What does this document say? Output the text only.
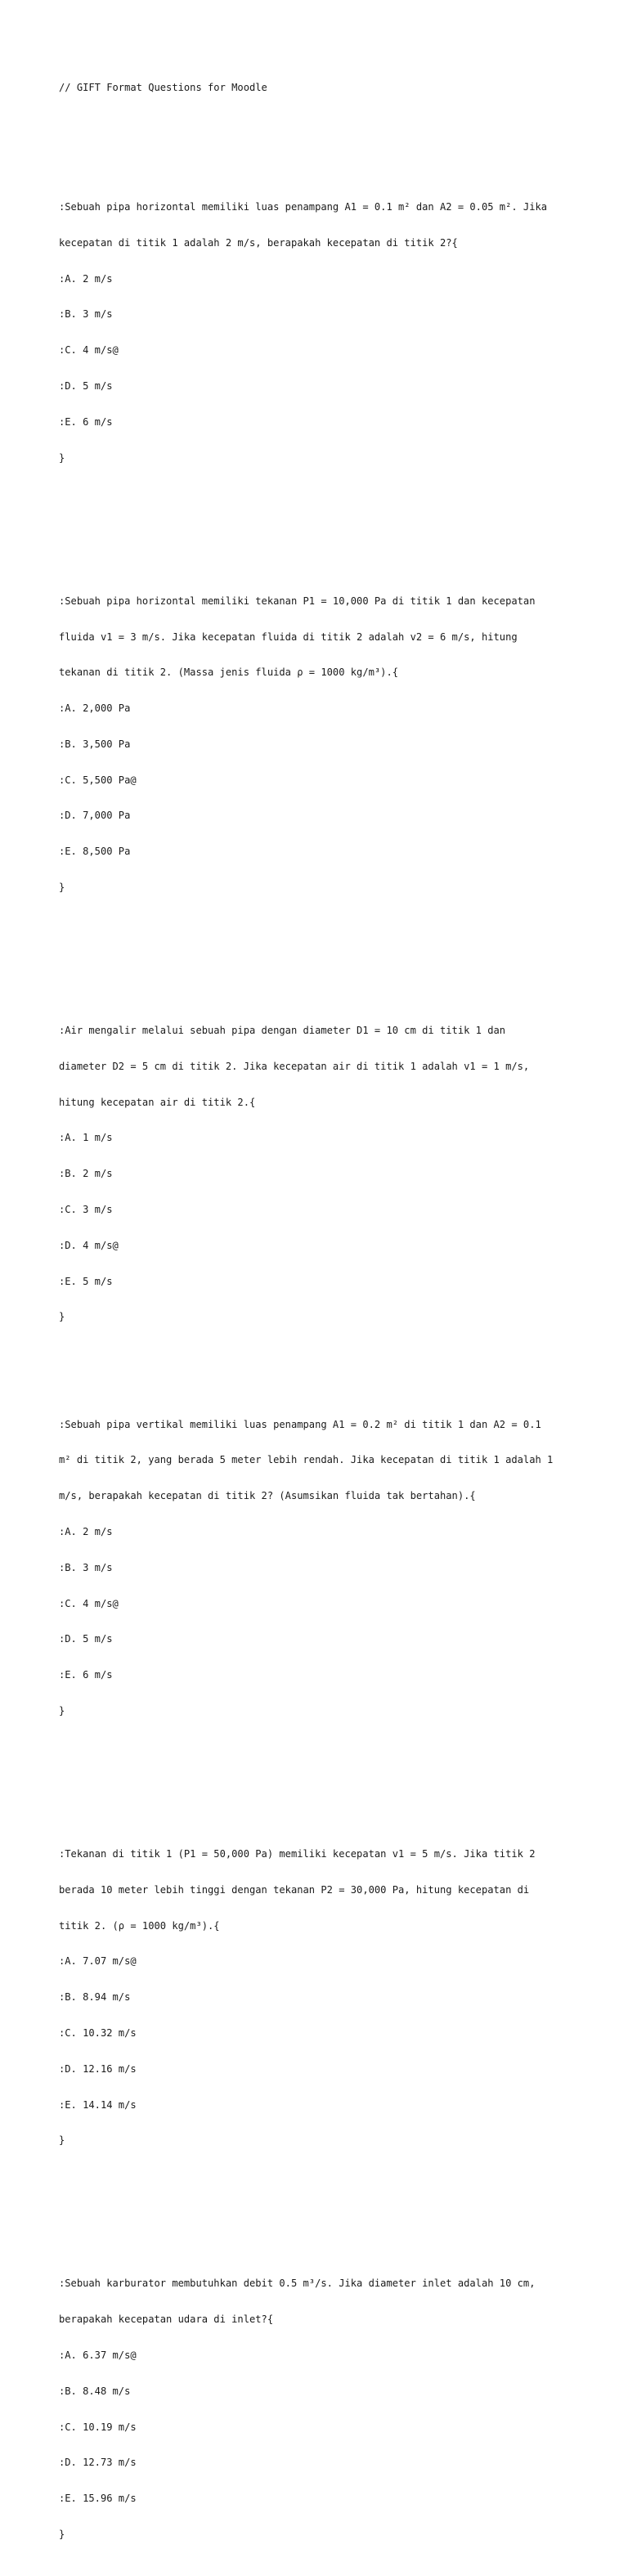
// GIFT Format Questions for Moodle

:Sebuah pipa horizontal memiliki luas penampang A1 = 0.1 m² dan A2 = 0.05 m². Jika

kecepatan di titik 1 adalah 2 m/s, berapakah kecepatan di titik 2?{

:A. 2 m/s

:B. 3 m/s

:C. 4 m/s@

:D. 5 m/s

:E. 6 m/s

}

:Sebuah pipa horizontal memiliki tekanan P1 = 10,000 Pa di titik 1 dan kecepatan

fluida v1 = 3 m/s. Jika kecepatan fluida di titik 2 adalah v2 = 6 m/s, hitung

tekanan di titik 2. (Massa jenis fluida ρ = 1000 kg/m³).{

:A. 2,000 Pa

:B. 3,500 Pa

:C. 5,500 Pa@

:D. 7,000 Pa

:E. 8,500 Pa

}

:Air mengalir melalui sebuah pipa dengan diameter D1 = 10 cm di titik 1 dan

diameter D2 = 5 cm di titik 2. Jika kecepatan air di titik 1 adalah v1 = 1 m/s,

hitung kecepatan air di titik 2.{

:A. 1 m/s

:B. 2 m/s

:C. 3 m/s

:D. 4 m/s@

:E. 5 m/s

}

:Sebuah pipa vertikal memiliki luas penampang A1 = 0.2 m² di titik 1 dan A2 = 0.1

m² di titik 2, yang berada 5 meter lebih rendah. Jika kecepatan di titik 1 adalah 1

m/s, berapakah kecepatan di titik 2? (Asumsikan fluida tak bertahan).{

:A. 2 m/s

:B. 3 m/s

:C. 4 m/s@

:D. 5 m/s

:E. 6 m/s

}

:Tekanan di titik 1 (P1 = 50,000 Pa) memiliki kecepatan v1 = 5 m/s. Jika titik 2

berada 10 meter lebih tinggi dengan tekanan P2 = 30,000 Pa, hitung kecepatan di

titik 2. (ρ = 1000 kg/m³).{

:A. 7.07 m/s@

:B. 8.94 m/s

:C. 10.32 m/s

:D. 12.16 m/s

:E. 14.14 m/s

}

:Sebuah karburator membutuhkan debit 0.5 m³/s. Jika diameter inlet adalah 10 cm,

berapakah kecepatan udara di inlet?{

:A. 6.37 m/s@

:B. 8.48 m/s

:C. 10.19 m/s

:D. 12.73 m/s

:E. 15.96 m/s

}
